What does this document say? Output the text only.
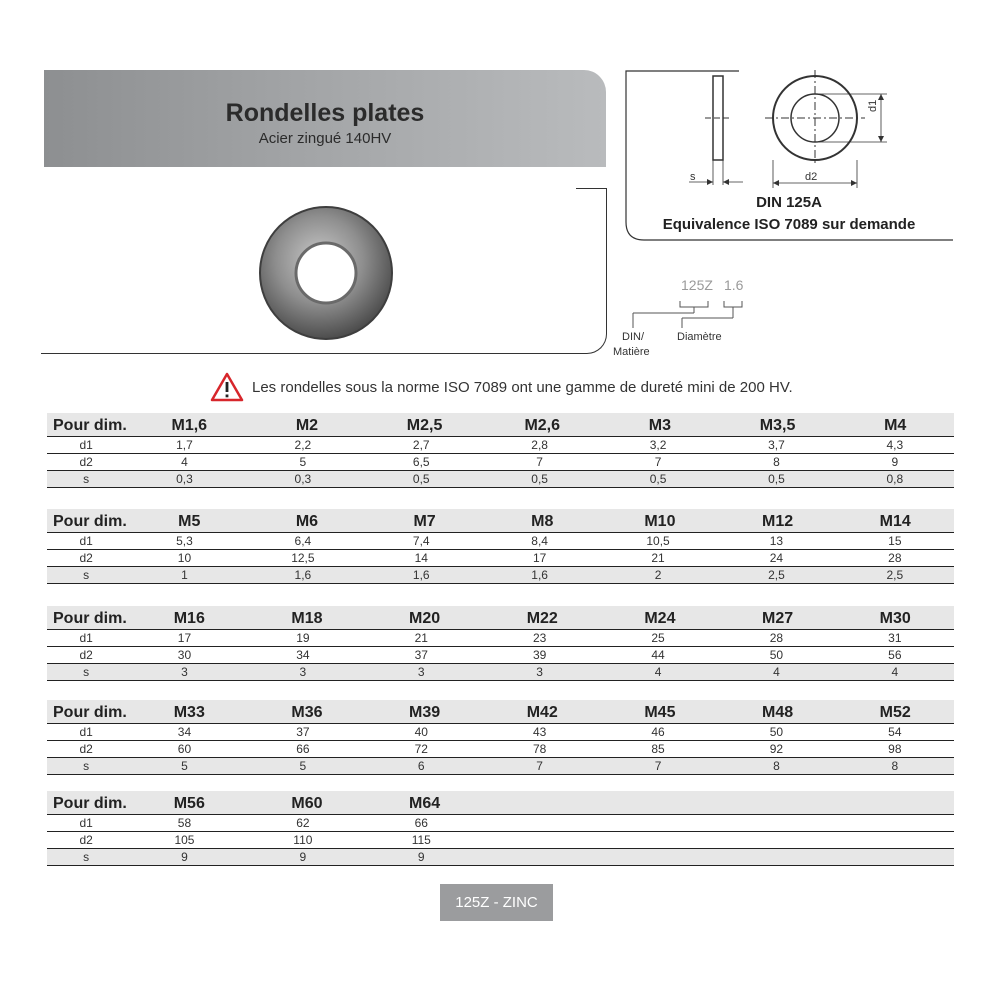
Rondelles plates
Acier zingué 140HV
s	d2
d1
DIN 125A
Equivalence ISO 7089 sur demande
125Z 1.6
DIN/
Matière
Diamètre
Les rondelles sous la norme ISO 7089 ont une gamme de dureté mini de 200 HV.
Pour dim.	M1,6	M2	M2,5	M2,6	M3	M3,5	M4
d1	1,7	2,2	2,7	2,8	3,2	3,7	4,3
d2	4	5	6,5	7	7	8	9
s	0,3	0,3	0,5	0,5	0,5	0,5	0,8
Pour dim.	M5	M6	M7	M8	M10	M12	M14
d1	5,3	6,4	7,4	8,4	10,5	13	15
d2	10	12,5	14	17	21	24	28
s	1	1,6	1,6	1,6	2	2,5	2,5
Pour dim.	M16	M18	M20	M22	M24	M27	M30
d1	17	19	21	23	25	28	31
d2	30	34	37	39	44	50	56
s	3	3	3	3	4	4	4
Pour dim.	M33	M36	M39	M42	M45	M48	M52
d1	34	37	40	43	46	50	54
d2	60	66	72	78	85	92	98
s	5	5	6	7	7	8	8
Pour dim.	M56	M60	M64
d1	58	62	66
d2	105	110	115
s	9	9	9
125Z - ZINC
